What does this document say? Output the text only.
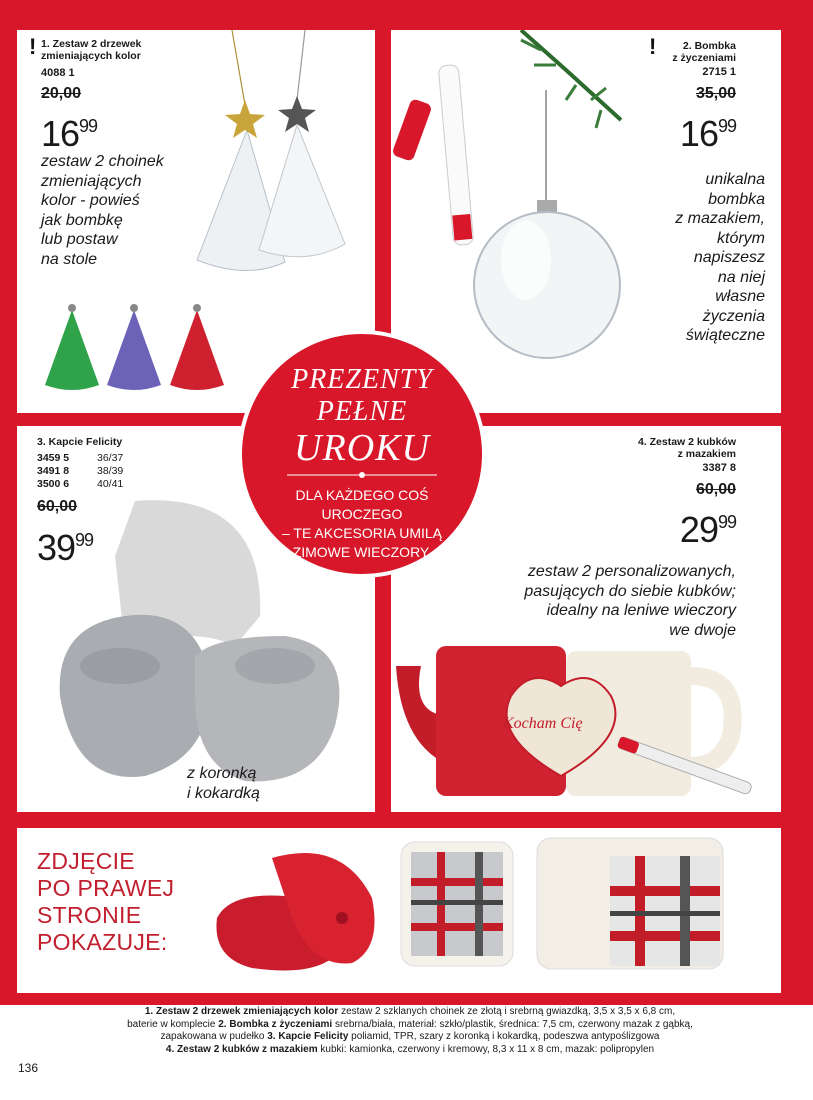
! 1. Zestaw 2 drzewek zmieniających kolor
4088 1
20,00
$16^{99}$
zestaw 2 choinek
zmieniających
kolor - powieś
jak bombkę
lub postaw
na stole
!	2. Bombka
z życzeniami
2715 1
35,00
$16^{99}$
unikalna
bombka
z mazakiem,
którym
napiszesz
na niej
własne
życzenia
świąteczne
3. Kapcie Felicity
3459 5	36/37
3491 8	38/39
3500 6	40/41
60,00
$39^{99}$
z koronką
i kokardką
4. Zestaw 2 kubków
z mazakiem
3387 8
60,00
$29^{99}$
zestaw 2 personalizowanych,
pasujących do siebie kubków;
idealny na leniwe wieczory
we dwoje
Kocham Cię
PREZENTY
PEŁNE
UROKU
DLA KAŻDEGO COŚ
UROCZEGO
– TE AKCESORIA UMILĄ
ZIMOWE WIECZORY.
ZDJĘCIE
PO PRAWEJ
STRONIE
POKAZUJE:
1. Zestaw 2 drzewek zmieniających kolor zestaw 2 szklanych choinek ze złotą i srebrną gwiazdką, 3,5 x 3,5 x 6,8 cm,
baterie w komplecie 2. Bombka z życzeniami srebrna/biała, materiał: szkło/plastik, średnica: 7,5 cm, czerwony mazak z gąbką,
zapakowana w pudełko 3. Kapcie Felicity poliamid, TPR, szary z koronką i kokardką, podeszwa antypoślizgowa
4. Zestaw 2 kubków z mazakiem kubki: kamionka, czerwony i kremowy, 8,3 x 11 x 8 cm, mazak: polipropylen
136
